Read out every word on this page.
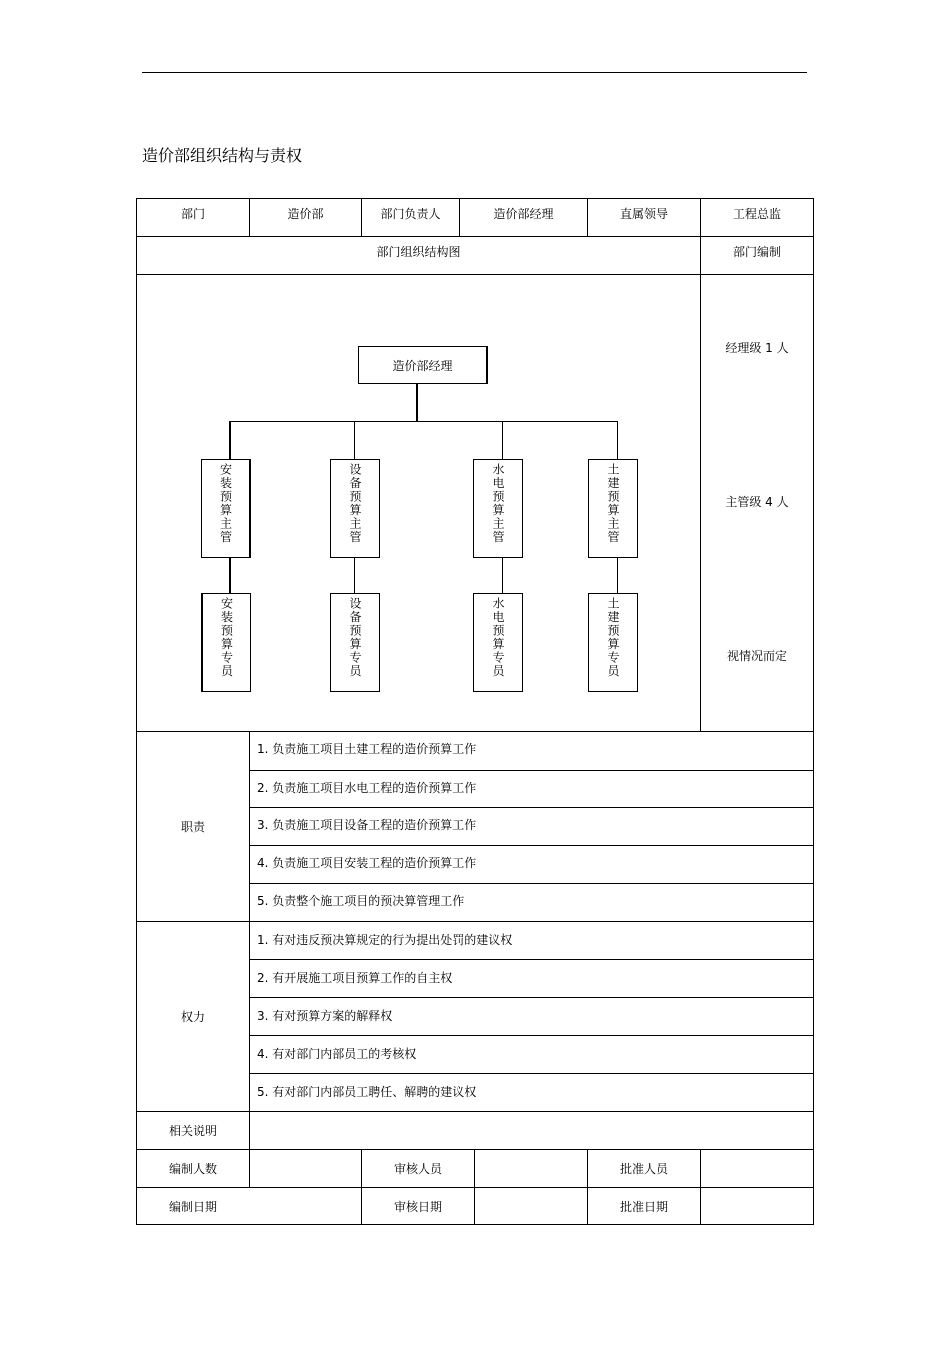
造价部组织结构与责权
部门	造价部	部门负责人	造价部经理	直属领导	工程总监
部门组织结构图	部门编制
经理级 1 人
主管级 4 人
视情况而定
造价部经理
安装预算主管	设备预算主管	水电预算主管	土建预算主管
安装预算专员	设备预算专员	水电预算专员	土建预算专员
职责
1. 负责施工项目土建工程的造价预算工作
2. 负责施工项目水电工程的造价预算工作
3. 负责施工项目设备工程的造价预算工作
4. 负责施工项目安装工程的造价预算工作
5. 负责整个施工项目的预决算管理工作
权力
1. 有对违反预决算规定的行为提出处罚的建议权
2. 有开展施工项目预算工作的自主权
3. 有对预算方案的解释权
4. 有对部门内部员工的考核权
5. 有对部门内部员工聘任、解聘的建议权
相关说明
编制人数	审核人员	批准人员
编制日期	审核日期	批准日期
